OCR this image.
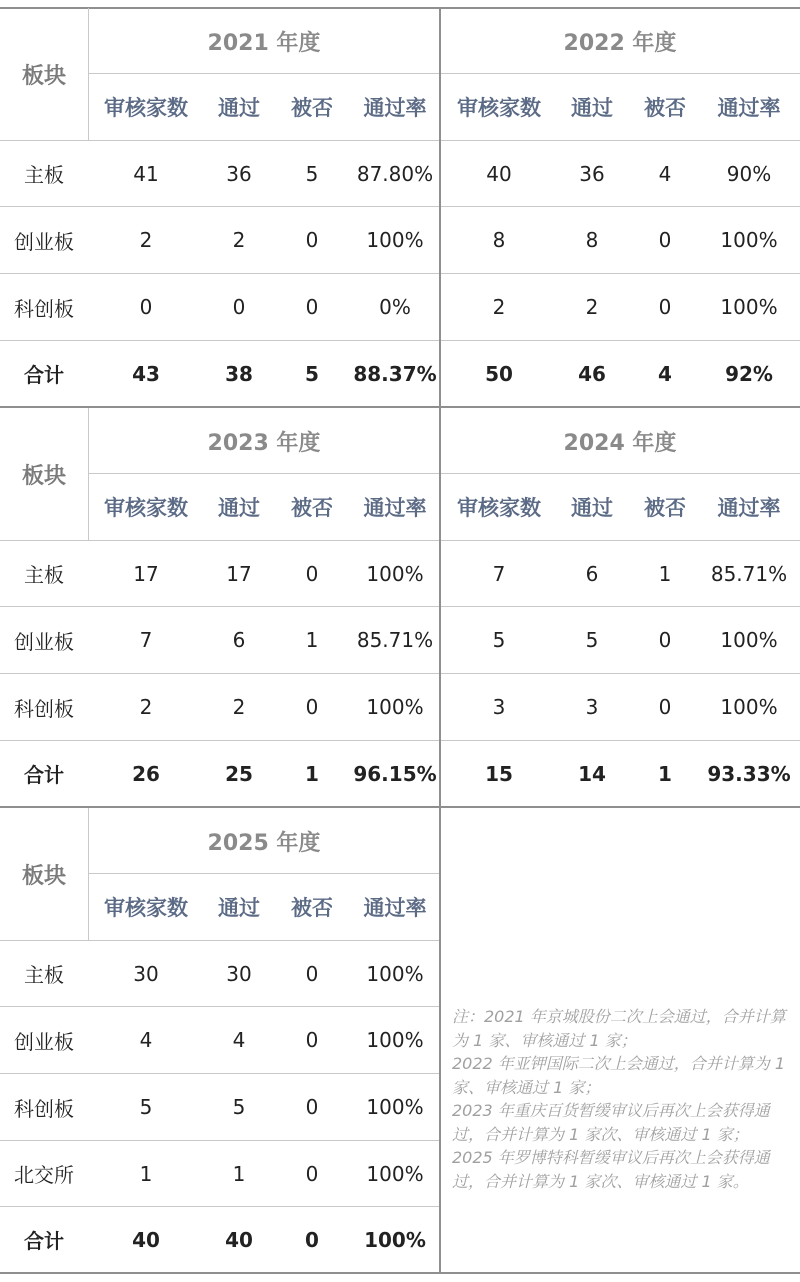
板块
2021 年度	2022 年度
审核家数	通过	被否	通过率	审核家数	通过	被否	通过率
主板	41	36	5	87.80%	40	36	4	90%
创业板	2	2	0	100%	8	8	0	100%
科创板	0	0	0	0%	2	2	0	100%
合计	43	38	5	88.37%	50	46	4	92%
板块
2023 年度	2024 年度
审核家数	通过	被否	通过率	审核家数	通过	被否	通过率
主板	17	17	0	100%	7	6	1	85.71%
创业板	7	6	1	85.71%	5	5	0	100%
科创板	2	2	0	100%	3	3	0	100%
合计	26	25	1	96.15%	15	14	1	93.33%
板块
2025 年度
审核家数	通过	被否	通过率
主板	30	30	0	100%
创业板	4	4	0	100%
科创板	5	5	0	100%
北交所	1	1	0	100%
合计	40	40	0	100%
注：2021 年京城股份二次上会通过，合并计算为 1 家、审核通过 1 家；
2022 年亚钾国际二次上会通过，合并计算为 1 家、审核通过 1 家；
2023 年重庆百货暂缓审议后再次上会获得通过，合并计算为 1 家次、审核通过 1 家；
2025 年罗博特科暂缓审议后再次上会获得通过，合并计算为 1 家次、审核通过 1 家。
